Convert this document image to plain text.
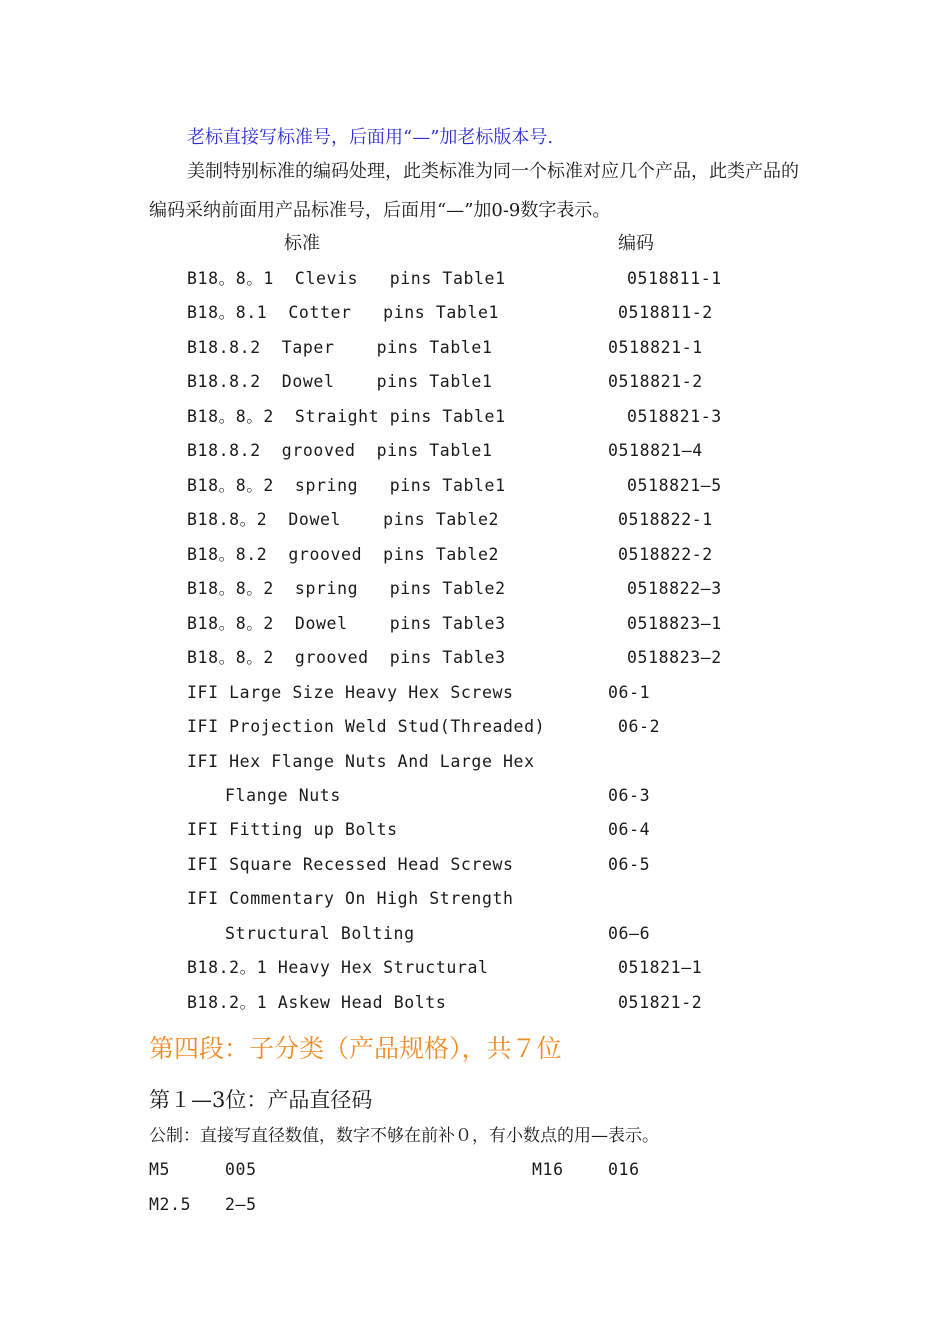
老标直接写标准号，后面用“—”加老标版本号.
美制特别标准的编码处理，此类标准为同一个标准对应几个产品，此类产品的
编码采纳前面用产品标准号，后面用“—”加0-9数字表示。
标准	编码
B18。8。1  Clevis   pins Table1	0518811-1
B18。8.1  Cotter   pins Table1	0518811-2
B18.8.2  Taper    pins Table1	0518821-1
B18.8.2  Dowel    pins Table1	0518821-2
B18。8。2  Straight pins Table1	0518821-3
B18.8.2  grooved  pins Table1	0518821—4
B18。8。2  spring   pins Table1	0518821—5
B18.8。2  Dowel    pins Table2	0518822-1
B18。8.2  grooved  pins Table2	0518822-2
B18。8。2  spring   pins Table2	0518822—3
B18。8。2  Dowel    pins Table3	0518823—1
B18。8。2  grooved  pins Table3	0518823—2
IFI Large Size Heavy Hex Screws	06-1
IFI Projection Weld Stud(Threaded)	06-2
IFI Hex Flange Nuts And Large Hex
Flange Nuts	06-3
IFI Fitting up Bolts	06-4
IFI Square Recessed Head Screws	06-5
IFI Commentary On High Strength
Structural Bolting	06—6
B18.2。1 Heavy Hex Structural	051821—1
B18.2。1 Askew Head Bolts	051821-2
第四段：子分类（产品规格），共７位
第１—3位：产品直径码
公制：直接写直径数值，数字不够在前补０，有小数点的用—表示。
M5	005	M16	016
M2.5 2—5
